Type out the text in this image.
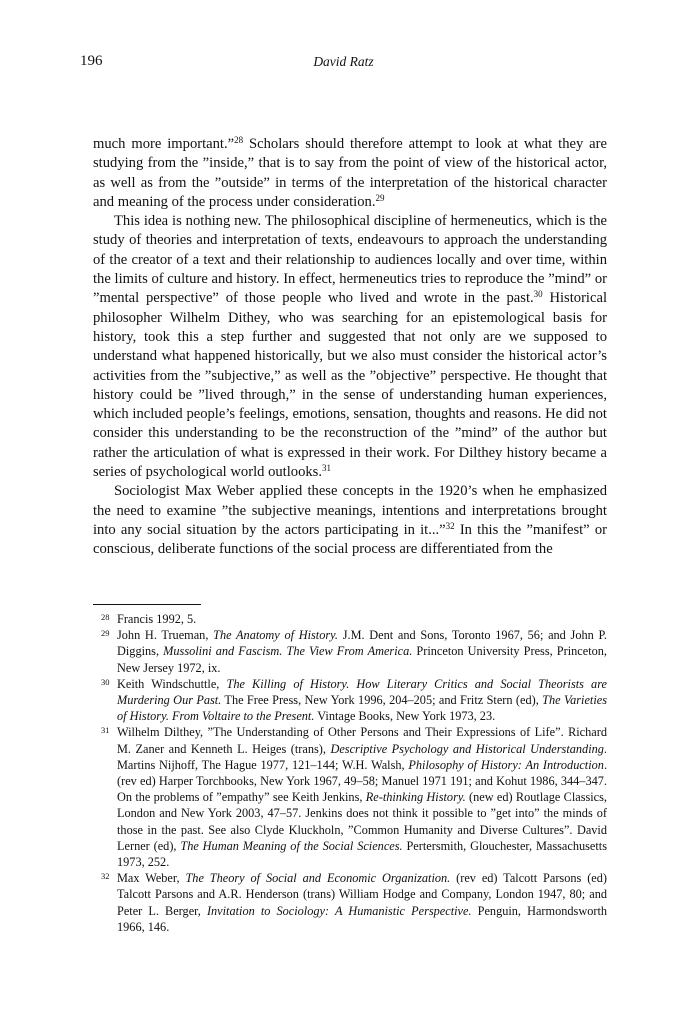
196	David Ratz

much more important.”$^{28}$ Scholars should therefore attempt to look at what they are studying from the ”inside,” that is to say from the point of view of the historical actor, as well as from the ”outside” in terms of the interpretation of the historical character and meaning of the process under consideration.$^{29}$

This idea is nothing new. The philosophical discipline of hermeneutics, which is the study of theories and interpretation of texts, endeavours to approach the understanding of the creator of a text and their relationship to audiences locally and over time, within the limits of culture and history. In effect, hermeneutics tries to reproduce the ”mind” or ”mental perspective” of those people who lived and wrote in the past.$^{30}$ Historical philosopher Wilhelm Dithey, who was searching for an epistemological basis for history, took this a step further and suggested that not only are we supposed to understand what happened historically, but we also must consider the historical actor’s activities from the ”subjective,” as well as the ”objective” perspective. He thought that history could be ”lived through,” in the sense of understanding human experiences, which included people’s feelings, emotions, sensation, thoughts and reasons. He did not consider this understanding to be the reconstruction of the ”mind” of the author but rather the articulation of what is expressed in their work. For Dilthey history became a series of psychological world outlooks.$^{31}$

Sociologist Max Weber applied these concepts in the 1920’s when he emphasized the need to examine ”the subjective meanings, intentions and interpretations brought into any social situation by the actors participating in it...”$^{32}$ In this the ”manifest” or conscious, deliberate functions of the social process are differentiated from the

28 Francis 1992, 5.
29 John H. Trueman, The Anatomy of History. J.M. Dent and Sons, Toronto 1967, 56; and John P. Diggins, Mussolini and Fascism. The View From America. Princeton University Press, Princeton, New Jersey 1972, ix.
30 Keith Windschuttle, The Killing of History. How Literary Critics and Social Theorists are Murdering Our Past. The Free Press, New York 1996, 204–205; and Fritz Stern (ed), The Varieties of History. From Voltaire to the Present. Vintage Books, New York 1973, 23.
31 Wilhelm Dilthey, ”The Understanding of Other Persons and Their Expressions of Life”. Richard M. Zaner and Kenneth L. Heiges (trans), Descriptive Psychology and Historical Understanding. Martins Nijhoff, The Hague 1977, 121–144; W.H. Walsh, Philosophy of History: An Introduction. (rev ed) Harper Torchbooks, New York 1967, 49–58; Manuel 1971 191; and Kohut 1986, 344–347. On the problems of ”empathy” see Keith Jenkins, Re-thinking History. (new ed) Routlage Classics, London and New York 2003, 47–57. Jenkins does not think it possible to ”get into” the minds of those in the past. See also Clyde Kluckholn, ”Common Humanity and Diverse Cultures”. David Lerner (ed), The Human Meaning of the Social Sciences. Pertersmith, Glouchester, Massachusetts 1973, 252.
32 Max Weber, The Theory of Social and Economic Organization. (rev ed) Talcott Parsons (ed) Talcott Parsons and A.R. Henderson (trans) William Hodge and Company, London 1947, 80; and Peter L. Berger, Invitation to Sociology: A Humanistic Perspective. Penguin, Harmondsworth 1966, 146.
